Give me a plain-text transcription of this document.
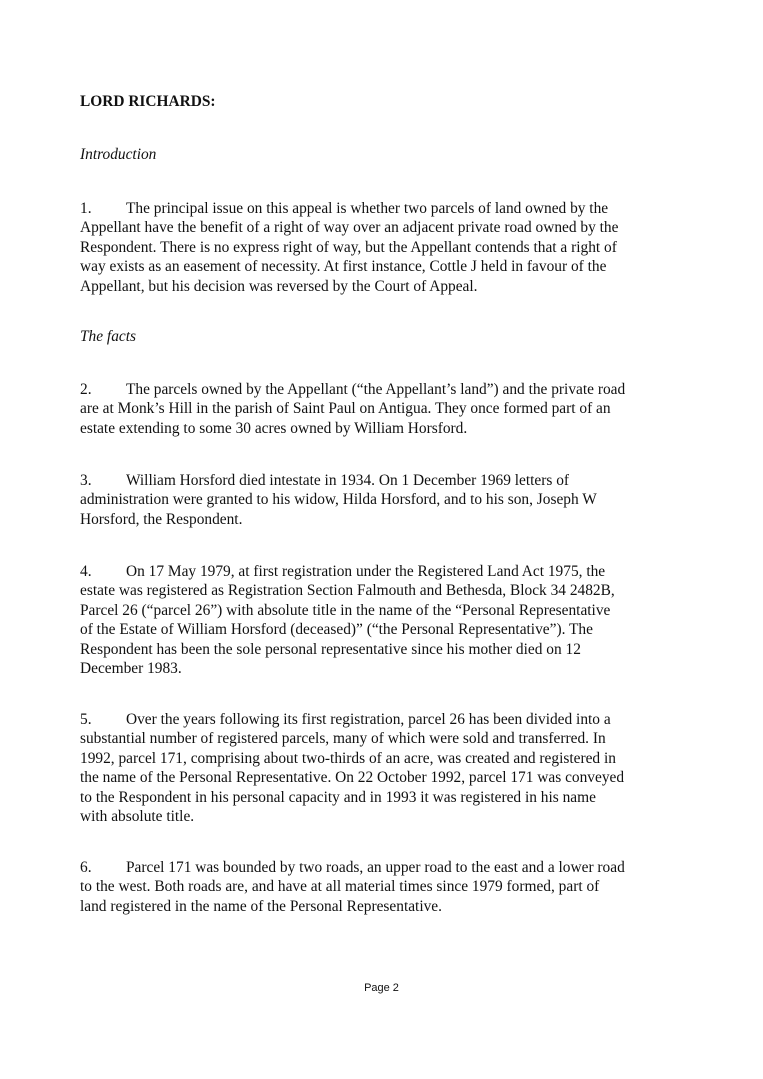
LORD RICHARDS:
Introduction

1. The principal issue on this appeal is whether two parcels of land owned by the
Appellant have the benefit of a right of way over an adjacent private road owned by the
Respondent. There is no express right of way, but the Appellant contends that a right of
way exists as an easement of necessity. At first instance, Cottle J held in favour of the
Appellant, but his decision was reversed by the Court of Appeal.

The facts

2. The parcels owned by the Appellant (“the Appellant’s land”) and the private road
are at Monk’s Hill in the parish of Saint Paul on Antigua. They once formed part of an
estate extending to some 30 acres owned by William Horsford.

3. William Horsford died intestate in 1934. On 1 December 1969 letters of
administration were granted to his widow, Hilda Horsford, and to his son, Joseph W
Horsford, the Respondent.

4. On 17 May 1979, at first registration under the Registered Land Act 1975, the
estate was registered as Registration Section Falmouth and Bethesda, Block 34 2482B,
Parcel 26 (“parcel 26”) with absolute title in the name of the “Personal Representative
of the Estate of William Horsford (deceased)” (“the Personal Representative”). The
Respondent has been the sole personal representative since his mother died on 12
December 1983.

5. Over the years following its first registration, parcel 26 has been divided into a
substantial number of registered parcels, many of which were sold and transferred. In
1992, parcel 171, comprising about two-thirds of an acre, was created and registered in
the name of the Personal Representative. On 22 October 1992, parcel 171 was conveyed
to the Respondent in his personal capacity and in 1993 it was registered in his name
with absolute title.

6. Parcel 171 was bounded by two roads, an upper road to the east and a lower road
to the west. Both roads are, and have at all material times since 1979 formed, part of
land registered in the name of the Personal Representative.

Page 2
